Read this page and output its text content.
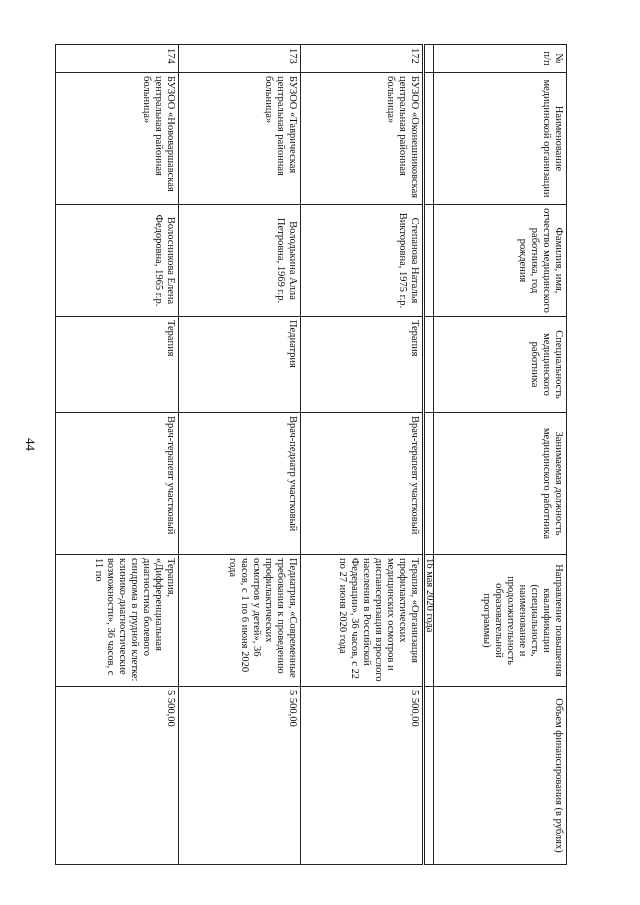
44
№ п/п	Наименование медицинской организации	Фамилия, имя, отчество медицинского работника, год рождения	Специальность медицинского работника	Занимаемая должность медицинского работника	Направление повышения квалификации (специальность, наименование и продолжительность образовательной программы)	Объем финансирования (в рублях)
					16 мая 2020 года	
172	БУЗОО «Оконешниковская центральная районная больница»	Степанова Наталья Викторовна, 1975 г.р.	Терапия	Врач-терапевт участковый	Терапия, «Организация профилактических медицинских осмотров и диспансеризация взрослого населения в Российской Федерации», 36 часов, с 22 по 27 июня 2020 года	5 500,00
173	БУЗОО «Таврическая центральная районная больница»	Володькина Алла Петровна, 1969 г.р.	Педиатрия	Врач-педиатр участковый	Педиатрия, «Современные требования к проведению профилактических осмотров у детей», 36 часов, с 1 по 6 июня 2020 года	5 500,00
174	БУЗОО «Нововаршавская центральная районная больница»	Волосникова Елена Федоровна, 1965 г.р.	Терапия	Врач-терапевт участковый	Терапия, «Дифференциальная диагностика болевого синдрома в грудной клетке: клинико-диагностические возможности», 36 часов, с 11 по	5 500,00
